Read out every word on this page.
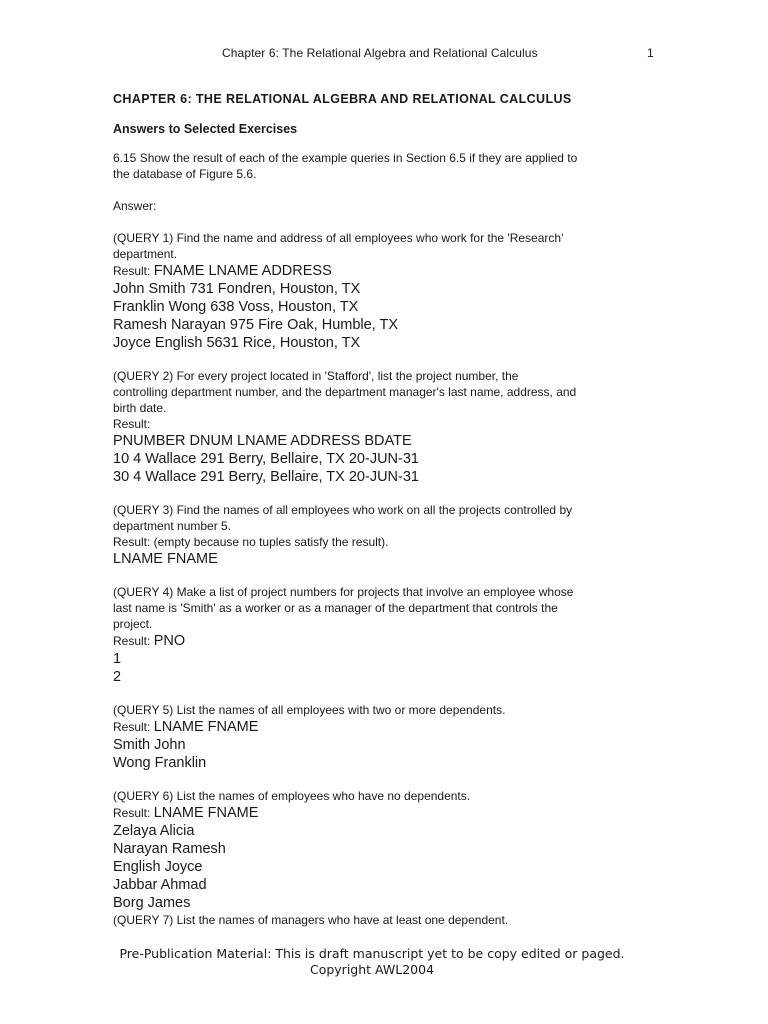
Chapter 6: The Relational Algebra and Relational Calculus	1
CHAPTER 6: THE RELATIONAL ALGEBRA AND RELATIONAL CALCULUS
Answers to Selected Exercises

6.15 Show the result of each of the example queries in Section 6.5 if they are applied to

the database of Figure 5.6.

Answer:

(QUERY 1) Find the name and address of all employees who work for the 'Research'

department.

Result: FNAME LNAME ADDRESS
John Smith 731 Fondren, Houston, TX
Franklin Wong 638 Voss, Houston, TX
Ramesh Narayan 975 Fire Oak, Humble, TX
Joyce English 5631 Rice, Houston, TX

(QUERY 2) For every project located in 'Stafford', list the project number, the

controlling department number, and the department manager's last name, address, and

birth date.

Result:

PNUMBER DNUM LNAME ADDRESS BDATE
10 4 Wallace 291 Berry, Bellaire, TX 20-JUN-31
30 4 Wallace 291 Berry, Bellaire, TX 20-JUN-31

(QUERY 3) Find the names of all employees who work on all the projects controlled by

department number 5.

Result: (empty because no tuples satisfy the result).

LNAME FNAME

(QUERY 4) Make a list of project numbers for projects that involve an employee whose

last name is 'Smith' as a worker or as a manager of the department that controls the

project.

Result: PNO
1
2

(QUERY 5) List the names of all employees with two or more dependents.

Result: LNAME FNAME
Smith John
Wong Franklin

(QUERY 6) List the names of employees who have no dependents.

Result: LNAME FNAME
Zelaya Alicia
Narayan Ramesh
English Joyce
Jabbar Ahmad
Borg James

(QUERY 7) List the names of managers who have at least one dependent.

Pre-Publication Material: This is draft manuscript yet to be copy edited or paged.
Copyright AWL2004
